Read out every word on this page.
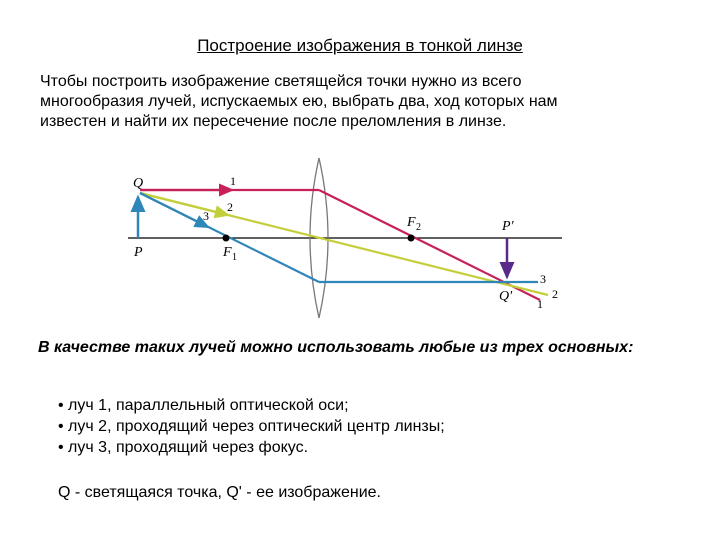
Построение изображения в тонкой линзе
Чтобы построить изображение светящейся точки нужно из всего
многообразия лучей, испускаемых ею, выбрать два, ход которых нам
известен и найти их пересечение после преломления в линзе.
Q
P	F 1
F 2	P'
Q'
1
2
3
3
2
1
В качестве таких лучей можно использовать любые из трех основных:
• луч 1, параллельный оптической оси;
• луч 2, проходящий через оптический центр линзы;
• луч 3, проходящий через фокус.
Q - светящаяся точка, Q' - ее изображение.
